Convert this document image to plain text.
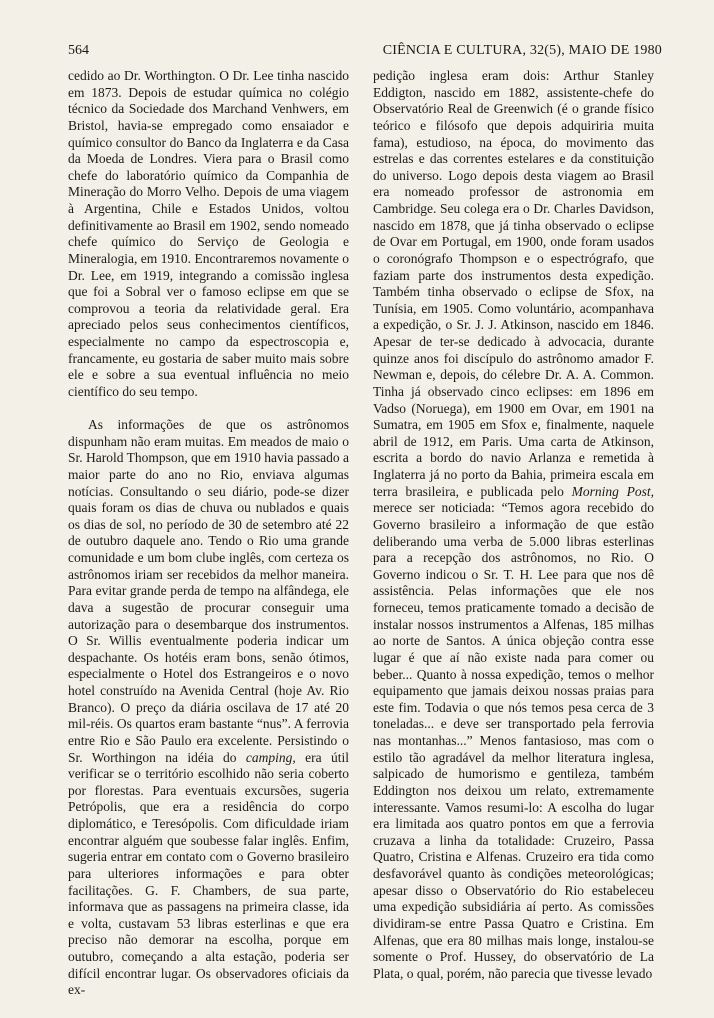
564	CIÊNCIA E CULTURA, 32(5), MAIO DE 1980

cedido ao Dr. Worthington. O Dr. Lee tinha nascido em 1873. Depois de estudar química no colégio técnico da Sociedade dos Marchand Venhwers, em Bristol, havia-se empregado como ensaiador e químico consultor do Banco da Inglaterra e da Casa da Moeda de Londres. Viera para o Brasil como chefe do laboratório químico da Companhia de Mineração do Morro Velho. Depois de uma viagem à Argentina, Chile e Estados Unidos, voltou definitivamente ao Brasil em 1902, sendo nomeado chefe químico do Serviço de Geologia e Mineralogia, em 1910. Encontraremos novamente o Dr. Lee, em 1919, integrando a comissão inglesa que foi a Sobral ver o famoso eclipse em que se comprovou a teoria da relatividade geral. Era apreciado pelos seus conhecimentos científicos, especialmente no campo da espectroscopia e, francamente, eu gostaria de saber muito mais sobre ele e sobre a sua eventual influência no meio científico do seu tempo.

As informações de que os astrônomos dispunham não eram muitas. Em meados de maio o Sr. Harold Thompson, que em 1910 havia passado a maior parte do ano no Rio, enviava algumas notícias. Consultando o seu diário, pode-se dizer quais foram os dias de chuva ou nublados e quais os dias de sol, no período de 30 de setembro até 22 de outubro daquele ano. Tendo o Rio uma grande comunidade e um bom clube inglês, com certeza os astrônomos iriam ser recebidos da melhor maneira. Para evitar grande perda de tempo na alfândega, ele dava a sugestão de procurar conseguir uma autorização para o desembarque dos instrumentos. O Sr. Willis eventualmente poderia indicar um despachante. Os hotéis eram bons, senão ótimos, especialmente o Hotel dos Estrangeiros e o novo hotel construído na Avenida Central (hoje Av. Rio Branco). O preço da diária oscilava de 17 até 20 mil-réis. Os quartos eram bastante “nus”. A ferrovia entre Rio e São Paulo era excelente. Persistindo o Sr. Worthingon na idéia do camping, era útil verificar se o território escolhido não seria coberto por florestas. Para eventuais excursões, sugeria Petrópolis, que era a residência do corpo diplomático, e Teresópolis. Com dificuldade iriam encontrar alguém que soubesse falar inglês. Enfim, sugeria entrar em contato com o Governo brasileiro para ulteriores informações e para obter facilitações. G. F. Chambers, de sua parte, informava que as passagens na primeira classe, ida e volta, custavam 53 libras esterlinas e que era preciso não demorar na escolha, porque em outubro, começando a alta estação, poderia ser difícil encontrar lugar. Os observadores oficiais da ex-

pedição inglesa eram dois: Arthur Stanley Eddigton, nascido em 1882, assistente-chefe do Observatório Real de Greenwich (é o grande físico teórico e filósofo que depois adquiriria muita fama), estudioso, na época, do movimento das estrelas e das correntes estelares e da constituição do universo. Logo depois desta viagem ao Brasil era nomeado professor de astronomia em Cambridge. Seu colega era o Dr. Charles Davidson, nascido em 1878, que já tinha observado o eclipse de Ovar em Portugal, em 1900, onde foram usados o coronógrafo Thompson e o espectrógrafo, que faziam parte dos instrumentos desta expedição. Também tinha observado o eclipse de Sfox, na Tunísia, em 1905. Como voluntário, acompanhava a expedição, o Sr. J. J. Atkinson, nascido em 1846. Apesar de ter-se dedicado à advocacia, durante quinze anos foi discípulo do astrônomo amador F. Newman e, depois, do célebre Dr. A. A. Common. Tinha já observado cinco eclipses: em 1896 em Vadso (Noruega), em 1900 em Ovar, em 1901 na Sumatra, em 1905 em Sfox e, finalmente, naquele abril de 1912, em Paris. Uma carta de Atkinson, escrita a bordo do navio Arlanza e remetida à Inglaterra já no porto da Bahia, primeira escala em terra brasileira, e publicada pelo Morning Post, merece ser noticiada: “Temos agora recebido do Governo brasileiro a informação de que estão deliberando uma verba de 5.000 libras esterlinas para a recepção dos astrônomos, no Rio. O Governo indicou o Sr. T. H. Lee para que nos dê assistência. Pelas informações que ele nos forneceu, temos praticamente tomado a decisão de instalar nossos instrumentos a Alfenas, 185 milhas ao norte de Santos. A única objeção contra esse lugar é que aí não existe nada para comer ou beber... Quanto à nossa expedição, temos o melhor equipamento que jamais deixou nossas praias para este fim. Todavia o que nós temos pesa cerca de 3 toneladas... e deve ser transportado pela ferrovia nas montanhas...” Menos fantasioso, mas com o estilo tão agradável da melhor literatura inglesa, salpicado de humorismo e gentileza, também Eddington nos deixou um relato, extremamente interessante. Vamos resumi-lo: A escolha do lugar era limitada aos quatro pontos em que a ferrovia cruzava a linha da totalidade: Cruzeiro, Passa Quatro, Cristina e Alfenas. Cruzeiro era tida como desfavorável quanto às condições meteorológicas; apesar disso o Observatório do Rio estabeleceu uma expedição subsidiária aí perto. As comissões dividiram-se entre Passa Quatro e Cristina. Em Alfenas, que era 80 milhas mais longe, instalou-se somente o Prof. Hussey, do observatório de La Plata, o qual, porém, não parecia que tivesse levado
